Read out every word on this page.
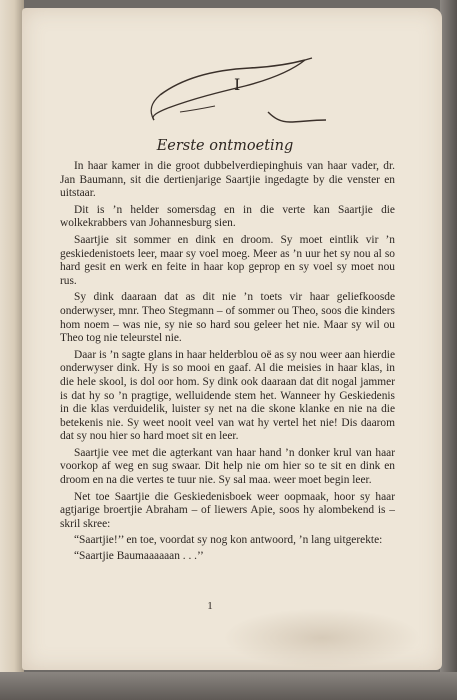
I
Eerste ontmoeting

In haar kamer in die groot dubbelverdiepinghuis van haar vader, dr. Jan Baumann, sit die dertienjarige Saartjie ingedagte by die venster en uitstaar.

Dit is ’n helder somersdag en in die verte kan Saartjie die wolkekrabbers van Johannesburg sien.

Saartjie sit sommer en dink en droom. Sy moet eintlik vir ’n geskiedenistoets leer, maar sy voel moeg. Meer as ’n uur het sy nou al so hard gesit en werk en feite in haar kop geprop en sy voel sy moet nou rus.

Sy dink daaraan dat as dit nie ’n toets vir haar geliefkoosde onderwyser, mnr. Theo Stegmann – of sommer ou Theo, soos die kinders hom noem – was nie, sy nie so hard sou geleer het nie. Maar sy wil ou Theo tog nie teleurstel nie.

Daar is ’n sagte glans in haar helderblou oë as sy nou weer aan hierdie onderwyser dink. Hy is so mooi en gaaf. Al die meisies in haar klas, in die hele skool, is dol oor hom. Sy dink ook daaraan dat dit nogal jammer is dat hy so ’n pragtige, welluidende stem het. Wanneer hy Geskiedenis in die klas verduidelik, luister sy net na die skone klanke en nie na die betekenis nie. Sy weet nooit veel van wat hy vertel het nie! Dis daarom dat sy nou hier so hard moet sit en leer.

Saartjie vee met die agterkant van haar hand ’n donker krul van haar voorkop af weg en sug swaar. Dit help nie om hier so te sit en dink en droom en na die vertes te tuur nie. Sy sal maa. weer moet begin leer.

Net toe Saartjie die Geskiedenisboek weer oopmaak, hoor sy haar agtjarige broertjie Abraham – of liewers Apie, soos hy alombekend is – skril skree:

“Saartjie!’’ en toe, voordat sy nog kon antwoord, ’n lang uitgerekte:

“Saartjie Baumaaaaaan . . .’’

1
